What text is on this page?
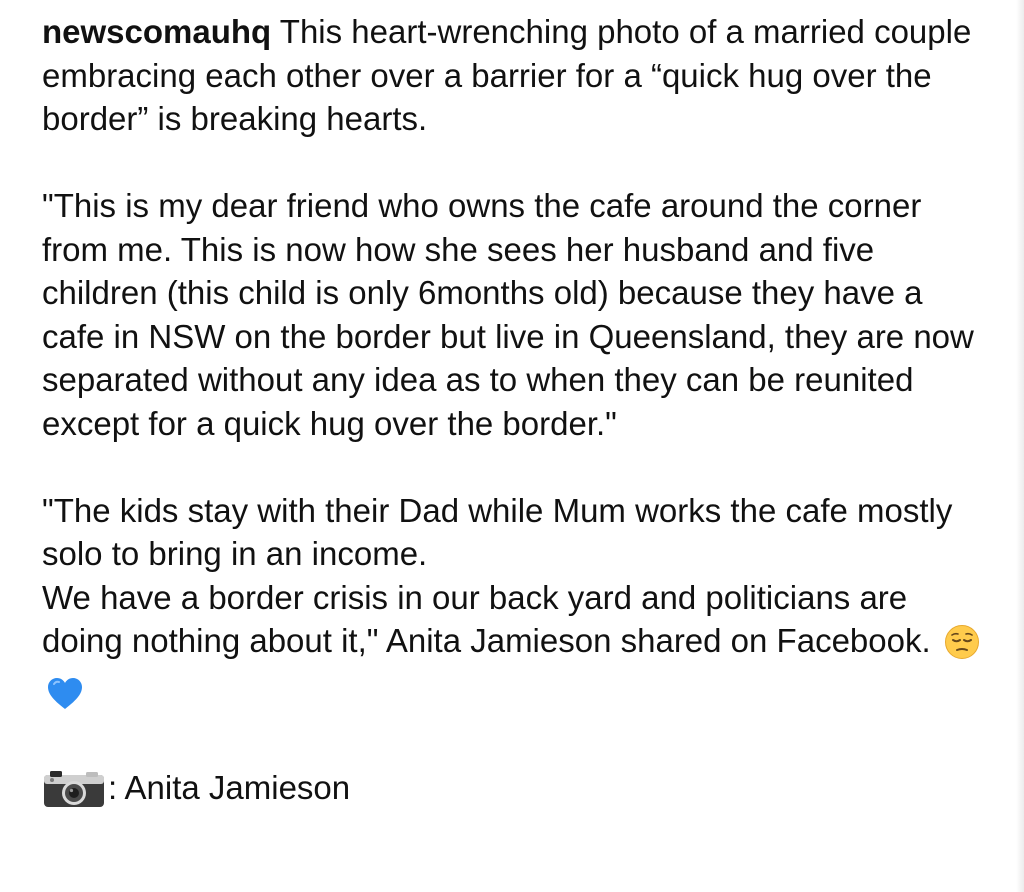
newscomauhq This heart-wrenching photo of a married couple embracing each other over a barrier for a “quick hug over the border” is breaking hearts.

"This is my dear friend who owns the cafe around the corner from me. This is now how she sees her husband and five children (this child is only 6months old) because they have a cafe in NSW on the border but live in Queensland, they are now separated without any idea as to when they can be reunited except for a quick hug over the border."

"The kids stay with their Dad while Mum works the cafe mostly solo to bring in an income.

We have a border crisis in our back yard and politicians are doing nothing about it," Anita Jamieson shared on Facebook.

: Anita Jamieson
